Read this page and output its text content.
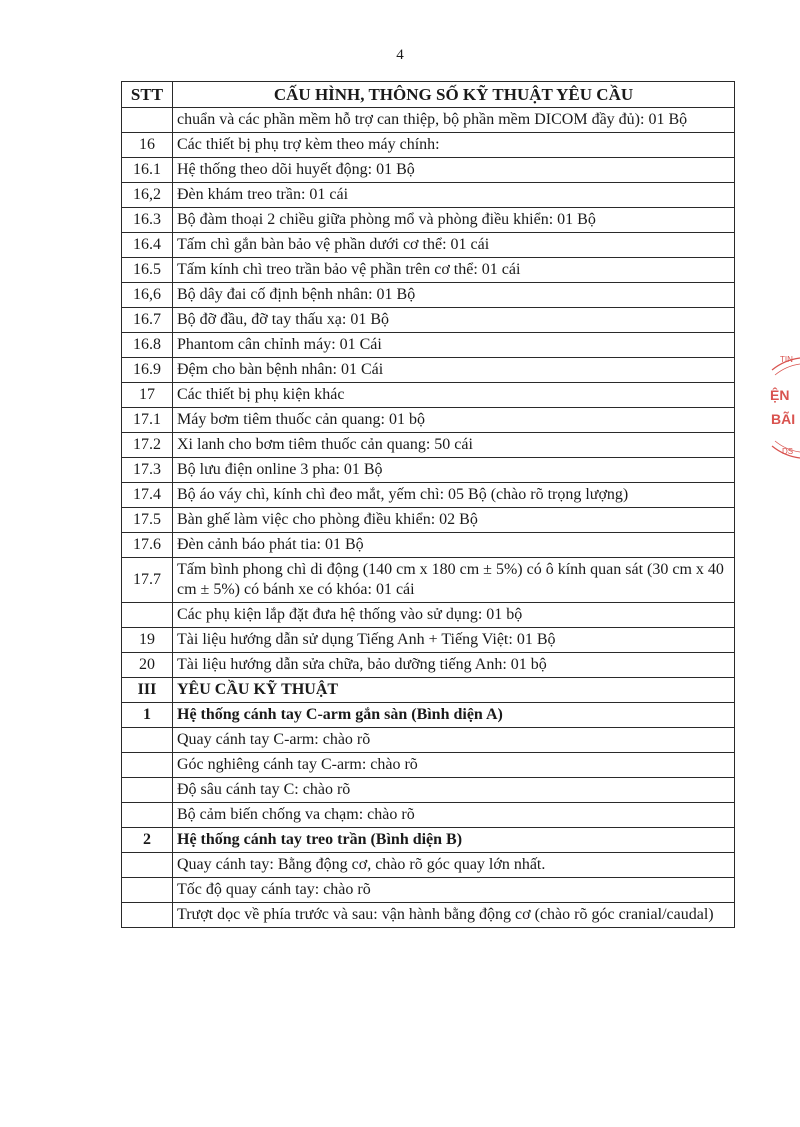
4
STT	CẤU HÌNH, THÔNG SỐ KỸ THUẬT YÊU CẦU
	chuẩn và các phần mềm hỗ trợ can thiệp, bộ phần mềm DICOM đầy đủ): 01 Bộ
16	Các thiết bị phụ trợ kèm theo máy chính:
16.1	Hệ thống theo dõi huyết động: 01 Bộ
16,2	Đèn khám treo trần: 01 cái
16.3	Bộ đàm thoại 2 chiều giữa phòng mổ và phòng điều khiển: 01 Bộ
16.4	Tấm chì gắn bàn bảo vệ phần dưới cơ thể: 01 cái
16.5	Tấm kính chì treo trần bảo vệ phần trên cơ thể: 01 cái
16,6	Bộ dây đai cố định bệnh nhân: 01 Bộ
16.7	Bộ đỡ đầu, đỡ tay thấu xạ: 01 Bộ
16.8	Phantom cân chỉnh máy: 01 Cái
16.9	Đệm cho bàn bệnh nhân: 01 Cái
17	Các thiết bị phụ kiện khác
17.1	Máy bơm tiêm thuốc cản quang: 01 bộ
17.2	Xi lanh cho bơm tiêm thuốc cản quang: 50 cái
17.3	Bộ lưu điện online 3 pha: 01 Bộ
17.4	Bộ áo váy chì, kính chì đeo mắt, yếm chì: 05 Bộ (chào rõ trọng lượng)
17.5	Bàn ghế làm việc cho phòng điều khiển: 02 Bộ
17.6	Đèn cảnh báo phát tia: 01 Bộ
17.7	Tấm bình phong chì di động (140 cm x 180 cm ± 5%) có ô kính quan sát (30 cm x 40 cm ± 5%) có bánh xe có khóa: 01 cái
	Các phụ kiện lắp đặt đưa hệ thống vào sử dụng: 01 bộ
19	Tài liệu hướng dẫn sử dụng Tiếng Anh + Tiếng Việt: 01 Bộ
20	Tài liệu hướng dẫn sửa chữa, bảo dưỡng tiếng Anh: 01 bộ
III	YÊU CẦU KỸ THUẬT
1	Hệ thống cánh tay C-arm gắn sàn (Bình diện A)
	Quay cánh tay C-arm: chào rõ
	Góc nghiêng cánh tay C-arm: chào rõ
	Độ sâu cánh tay C: chào rõ
	Bộ cảm biến chống va chạm: chào rõ
2	Hệ thống cánh tay treo trần (Bình diện B)
	Quay cánh tay: Bằng động cơ, chào rõ góc quay lớn nhất.
	Tốc độ quay cánh tay: chào rõ
	Trượt dọc về phía trước và sau: vận hành bằng động cơ (chào rõ góc cranial/caudal)
TIN
ỆN
BÃI
DS
